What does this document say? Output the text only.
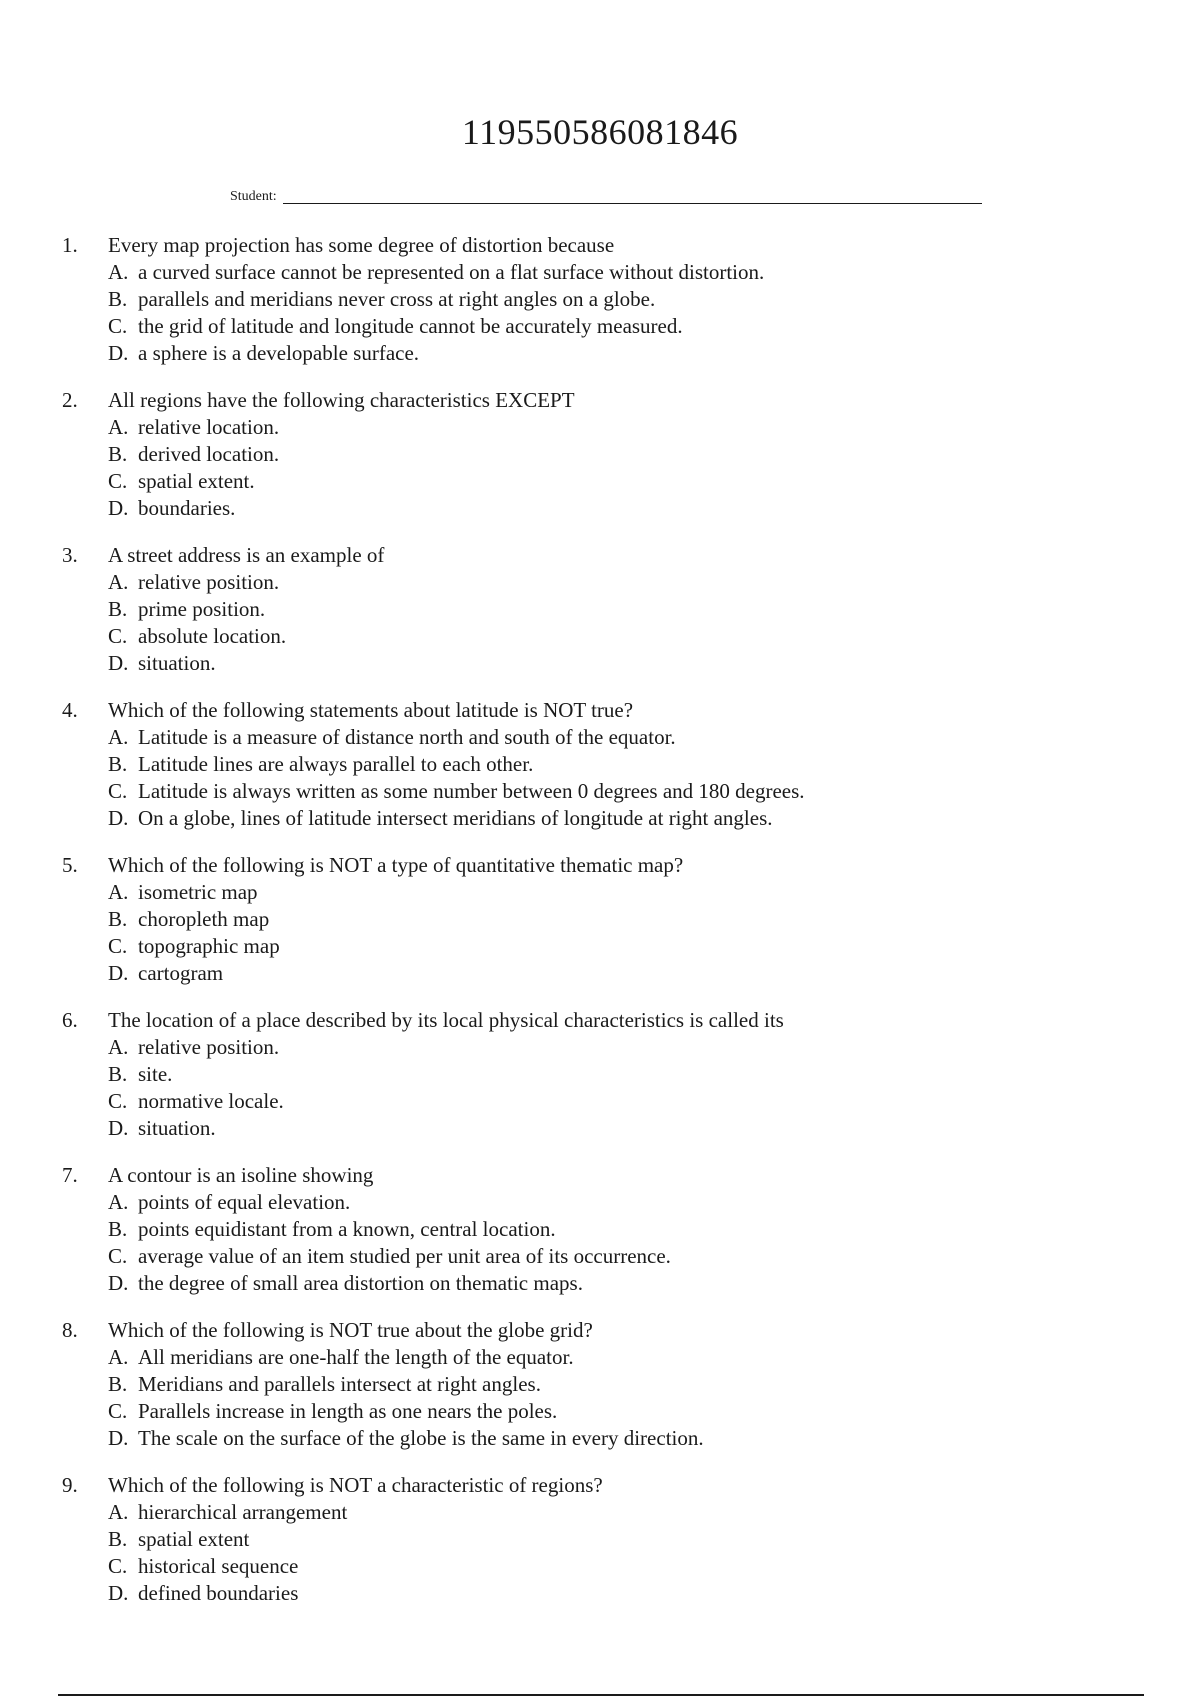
119550586081846
Student:
1.	Every map projection has some degree of distortion because
A. a curved surface cannot be represented on a flat surface without distortion.
B. parallels and meridians never cross at right angles on a globe.
C. the grid of latitude and longitude cannot be accurately measured.
D. a sphere is a developable surface.
2.	All regions have the following characteristics EXCEPT
A. relative location.
B. derived location.
C. spatial extent.
D. boundaries.
3.	A street address is an example of
A. relative position.
B. prime position.
C. absolute location.
D. situation.
4.	Which of the following statements about latitude is NOT true?
A. Latitude is a measure of distance north and south of the equator.
B. Latitude lines are always parallel to each other.
C. Latitude is always written as some number between 0 degrees and 180 degrees.
D. On a globe, lines of latitude intersect meridians of longitude at right angles.
5.	Which of the following is NOT a type of quantitative thematic map?
A. isometric map
B. choropleth map
C. topographic map
D. cartogram
6.	The location of a place described by its local physical characteristics is called its
A. relative position.
B. site.
C. normative locale.
D. situation.
7.	A contour is an isoline showing
A. points of equal elevation.
B. points equidistant from a known, central location.
C. average value of an item studied per unit area of its occurrence.
D. the degree of small area distortion on thematic maps.
8.	Which of the following is NOT true about the globe grid?
A. All meridians are one-half the length of the equator.
B. Meridians and parallels intersect at right angles.
C. Parallels increase in length as one nears the poles.
D. The scale on the surface of the globe is the same in every direction.
9.	Which of the following is NOT a characteristic of regions?
A. hierarchical arrangement
B. spatial extent
C. historical sequence
D. defined boundaries
